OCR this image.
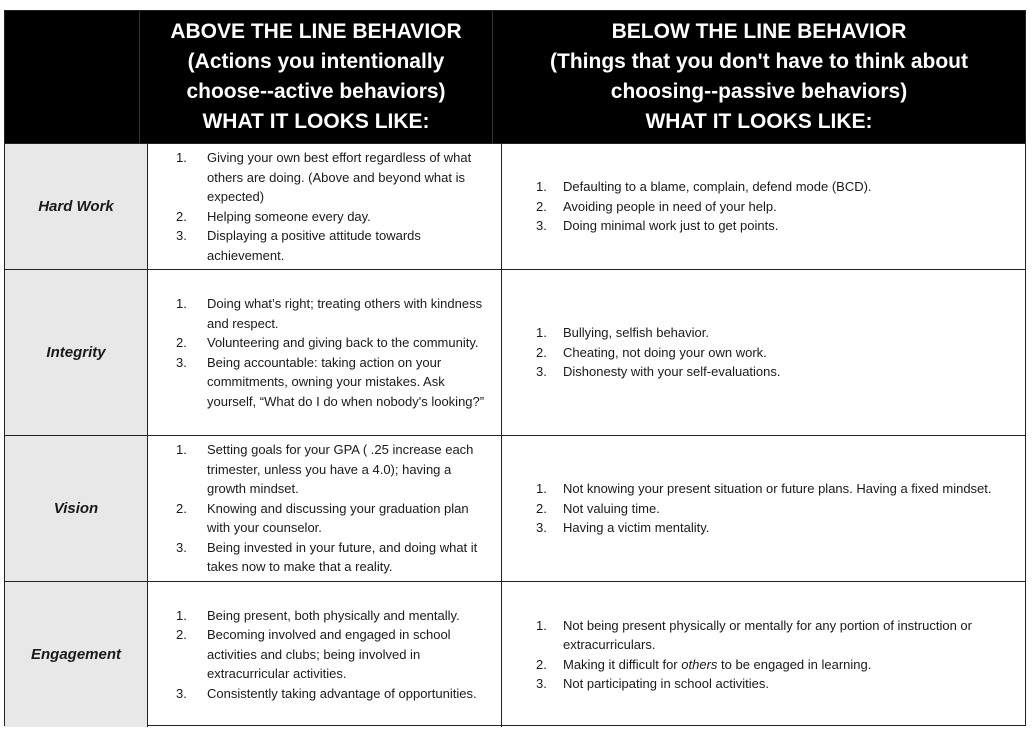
ABOVE THE LINE BEHAVIOR
(Actions you intentionally
choose--active behaviors)
WHAT IT LOOKS LIKE:
BELOW THE LINE BEHAVIOR
(Things that you don't have to think about
choosing--passive behaviors)
WHAT IT LOOKS LIKE:
Hard Work
1. Giving your own best effort regardless of what others are doing. (Above and beyond what is expected)
2. Helping someone every day.
3. Displaying a positive attitude towards achievement.
1. Defaulting to a blame, complain, defend mode (BCD).
2. Avoiding people in need of your help.
3. Doing minimal work just to get points.
Integrity
1. Doing what’s right; treating others with kindness and respect.
2. Volunteering and giving back to the community.
3. Being accountable: taking action on your commitments, owning your mistakes. Ask yourself, “What do I do when nobody's looking?”
1. Bullying, selfish behavior.
2. Cheating, not doing your own work.
3. Dishonesty with your self-evaluations.
Vision
1. Setting goals for your GPA ( .25 increase each trimester, unless you have a 4.0); having a growth mindset.
2. Knowing and discussing your graduation plan with your counselor.
3. Being invested in your future, and doing what it takes now to make that a reality.
1. Not knowing your present situation or future plans. Having a fixed mindset.
2. Not valuing time.
3. Having a victim mentality.
Engagement
1. Being present, both physically and mentally.
2. Becoming involved and engaged in school activities and clubs; being involved in extracurricular activities.
3. Consistently taking advantage of opportunities.
1. Not being present physically or mentally for any portion of instruction or extracurriculars.
2. Making it difficult for others to be engaged in learning.
3. Not participating in school activities.
